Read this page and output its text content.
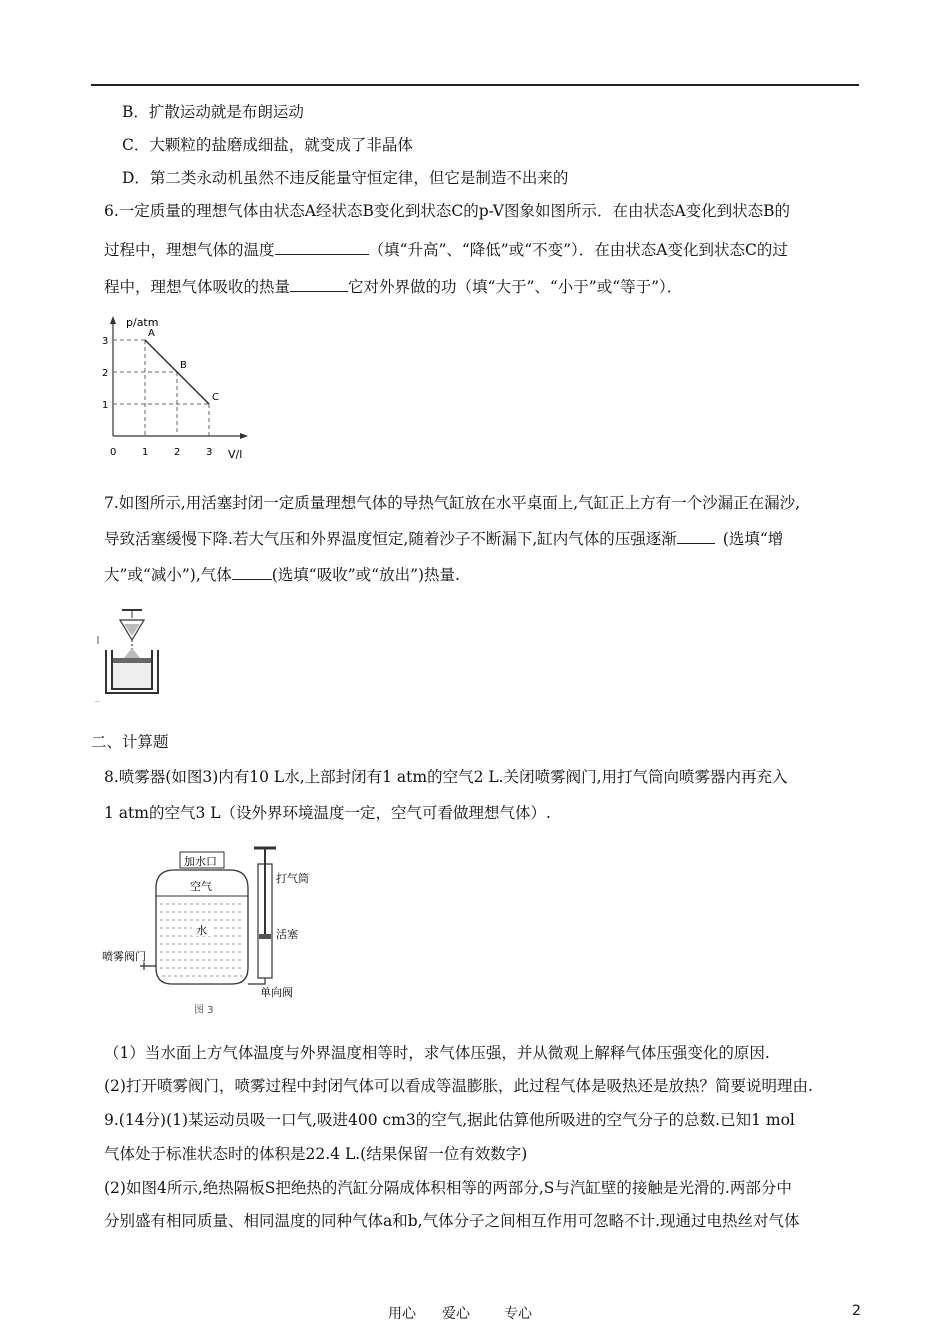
B．扩散运动就是布朗运动
C．大颗粒的盐磨成细盐，就变成了非晶体
D．第二类永动机虽然不违反能量守恒定律，但它是制造不出来的
6.一定质量的理想气体由状态A经状态B变化到状态C的p-V图象如图所示．在由状态A变化到状态B的
过程中，理想气体的温度	（填“升高”、“降低”或“不变”）．在由状态A变化到状态C的过
程中，理想气体吸收的热量	它对外界做的功（填“大于”、“小于”或“等于”）．
p/atm
V/l
0
A
B
C
1	2	3
1
2
3
7.如图所示,用活塞封闭一定质量理想气体的导热气缸放在水平桌面上,气缸正上方有一个沙漏正在漏沙,
导致活塞缓慢下降.若大气压和外界温度恒定,随着沙子不断漏下,缸内气体的压强逐渐	(选填“增
大”或“减小”),气体	(选填“吸收”或“放出”)热量.
~
二、计算题
8.喷雾器(如图3)内有10 L水,上部封闭有1 atm的空气2 L.关闭喷雾阀门,用打气筒向喷雾器内再充入
1 atm的空气3 L（设外界环境温度一定，空气可看做理想气体）.
加水口
空气
水
喷雾阀门
打气筒
活塞
单向阀
图 3
（1）当水面上方气体温度与外界温度相等时，求气体压强，并从微观上解释气体压强变化的原因.
(2)打开喷雾阀门，喷雾过程中封闭气体可以看成等温膨胀，此过程气体是吸热还是放热？简要说明理由.
9.(14分)(1)某运动员吸一口气,吸进400 cm3的空气,据此估算他所吸进的空气分子的总数.已知1 mol
气体处于标准状态时的体积是22.4 L.(结果保留一位有效数字)
(2)如图4所示,绝热隔板S把绝热的汽缸分隔成体积相等的两部分,S与汽缸壁的接触是光滑的.两部分中
分别盛有相同质量、相同温度的同种气体a和b,气体分子之间相互作用可忽略不计.现通过电热丝对气体
用心 爱心 专心	2
